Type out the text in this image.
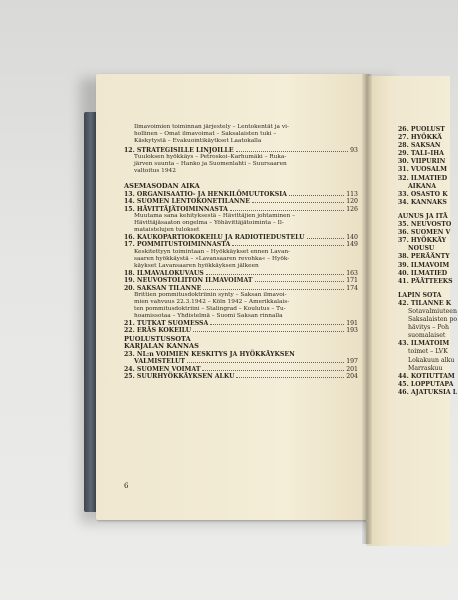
Ilmavoimien toiminnan järjestely – Lentokentät ja vi-
hollinen – Omat ilmavoimat – Saksalaisten tuki –
Käskytystä – Evakuointikäytkset Laatokalla
12. STRATEGISILLE LINJOILLE	93
Tuuloksen hyökkäys – Petroskoi–Karhumäki – Ruka-
järven suunta – Hanko ja Suomenlahti – Suursaaren
valtoitus 1942
ASEMASODAN AIKA
13. ORGANISAATIO- JA HENKILÖMUUTOKSIA	113
14. SUOMEN LENTOKONETILANNE	120
15. HÄVITTÄJÄTOIMINNASTA	126
Muutama sana kehityksestä – Hävittäjien johtaminen –
Hävittäjäsaaton ongelma – Yöhävittäjätoiminta – Il-
mataistelujen tulokset
16. KAUKOPARTIOKOKEILU JA RADIOTIEDUSTELU	140
17. POMMITUSTOIMINNASTA	149
Keskitettyyn toimintaan – Hyökkäykset ennen Lavan-
saaren hyökkäystä – »Lavansaaren revohka« – Hyök-
käykset Lavansaaren hyökkäyksen jälkeen
18. ILMAVALOKUVAUS	163
19. NEUVOSTOLIITON ILMAVOIMAT	171
20. SAKSAN TILANNE	174
Brittien pommitusdoktriinin synty – Saksan ilmavoi-
mien vahvuus 22.3.1942 – Köln 1942 – Amerikkalais-
ten pommitusdoktriini – Stalingrad – Koulutus – Tu-
hoamissotaa – Yhdistelmä – Suomi Saksan rinnalla
21. TUTKAT SUOMESSA	191
22. ERÄS KOKEILU	193
PUOLUSTUSSOTA
KARJALAN KANNAS
23. NL:n VOIMIEN KESKITYS JA HYÖKKÄYKSEN
VALMISTELUT	197
24. SUOMEN VOIMAT	201
25. SUURHYÖKKÄYKSEN ALKU	204
6
26. PUOLUST
27. HYÖKKÄ
28. SAKSAN
29. TALI–IHA
30. VIIPURIN
31. VUOSALM
32. ILMATIED
AIKANA
33. OSASTO K
34. KANNAKS
AUNUS JA ITÄ
35. NEUVOSTO
36. SUOMEN V
37. HYÖKKÄY
NOUSU
38. PERÄÄNTY
39. ILMAVOIM
40. ILMATIED
41. PÄÄTTEEKS
LAPIN SOTA
42. TILANNE K
Sotavalmiuteen
Saksalaisten po
hävitys – Poh
suomalaiset
43. ILMATOIM
toimet – LVK
Lokakuun alku
Marraskuu
44. KOTIUTTAM
45. LOPPUTAPA
46. AJATUKSIA L
